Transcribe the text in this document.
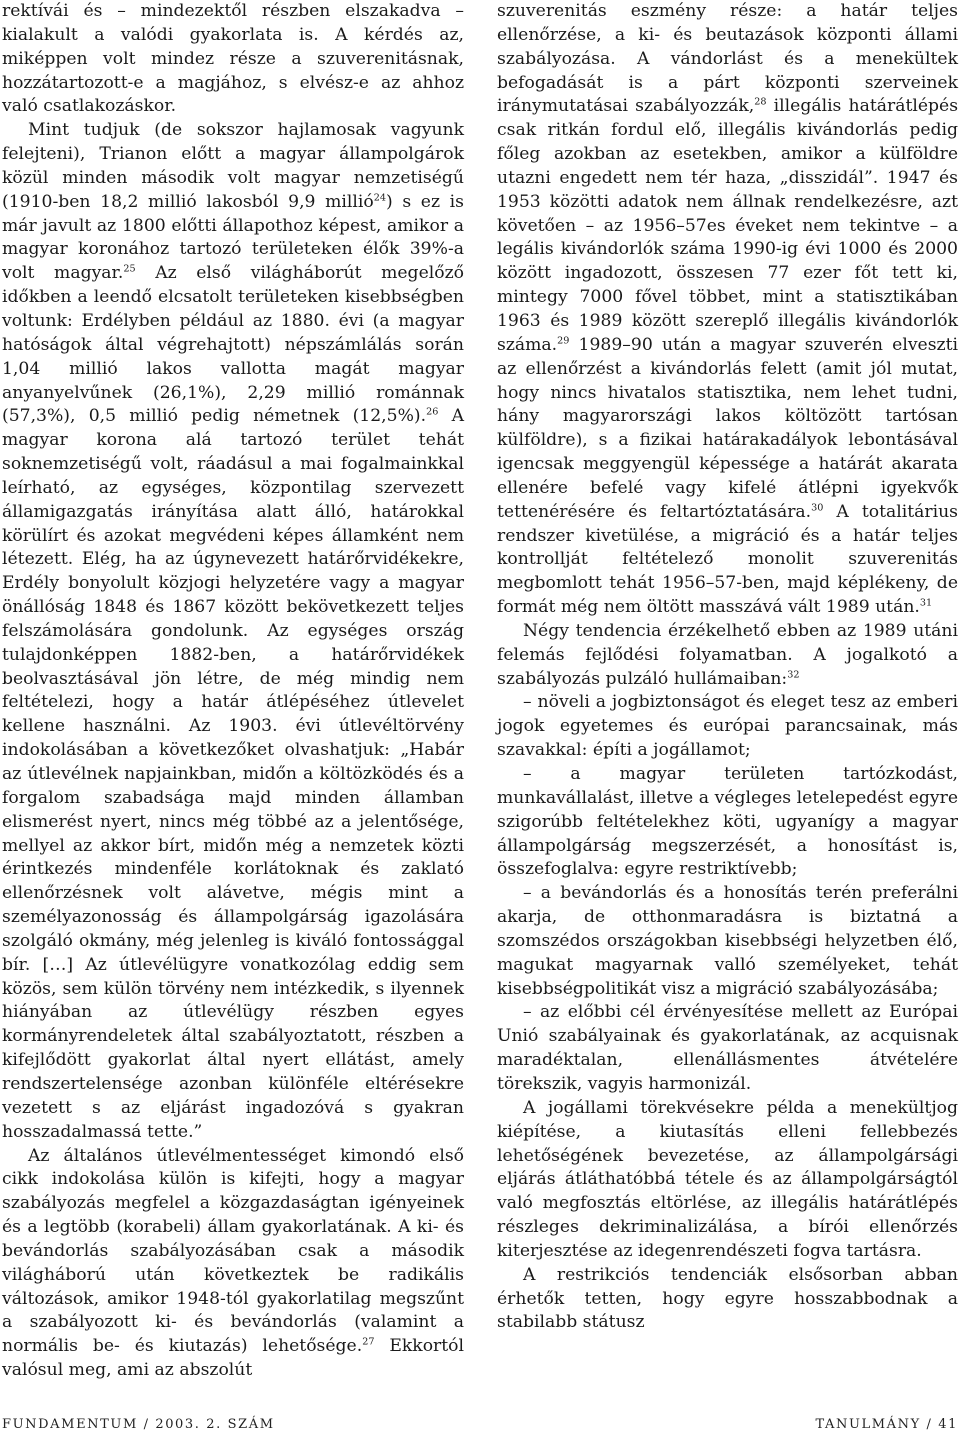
rektívái és – mindezektől részben elszakadva – kialakult a valódi gyakorlata is. A kérdés az, miképpen volt mindez része a szuverenitásnak, hozzátartozott-e a magjához, s elvész-e az ahhoz való csatlakozáskor.

Mint tudjuk (de sokszor hajlamosak vagyunk felejteni), Trianon előtt a magyar állampolgárok közül minden második volt magyar nemzetiségű (1910-ben 18,2 millió lakosból 9,9 millió$^{24}$) s ez is már javult az 1800 előtti állapothoz képest, amikor a magyar koronához tartozó területeken élők 39%-a volt magyar.$^{25}$ Az első világháborút megelőző időkben a leendő elcsatolt területeken kisebbségben voltunk: Erdélyben például az 1880. évi (a magyar hatóságok által végrehajtott) népszámlálás során 1,04 millió lakos vallotta magát magyar anyanyelvűnek (26,1%), 2,29 millió románnak (57,3%), 0,5 millió pedig németnek (12,5%).$^{26}$ A magyar korona alá tartozó terület tehát soknemzetiségű volt, ráadásul a mai fogalmainkkal leírható, az egységes, központilag szervezett államigazgatás irányítása alatt álló, határokkal körülírt és azokat megvédeni képes államként nem létezett. Elég, ha az úgynevezett határőrvidékekre, Erdély bonyolult közjogi helyzetére vagy a magyar önállóság 1848 és 1867 között bekövetkezett teljes felszámolására gondolunk. Az egységes ország tulajdonképpen 1882-ben, a határőrvidékek beolvasztásával jön létre, de még mindig nem feltételezi, hogy a határ átlépéséhez útlevelet kellene használni. Az 1903. évi útlevéltörvény indokolásában a következőket olvashatjuk: „Habár az útlevélnek napjainkban, midőn a költözködés és a forgalom szabadsága majd minden államban elismerést nyert, nincs még többé az a jelentősége, mellyel az akkor bírt, midőn még a nemzetek közti érintkezés mindenféle korlátoknak és zaklató ellenőrzésnek volt alávetve, mégis mint a személyazonosság és állampolgárság igazolására szolgáló okmány, még jelenleg is kiváló fontossággal bír. […] Az útlevélügyre vonatkozólag eddig sem közös, sem külön törvény nem intézkedik, s ilyennek hiányában az útlevélügy részben egyes kormányrendeletek által szabályoztatott, részben a kifejlődött gyakorlat által nyert ellátást, amely rendszertelensége azonban különféle eltérésekre vezetett s az eljárást ingadozóvá s gyakran hosszadalmassá tette.”

Az általános útlevélmentességet kimondó első cikk indokolása külön is kifejti, hogy a magyar szabályozás megfelel a közgazdaságtan igényeinek és a legtöbb (korabeli) állam gyakorlatának. A ki- és bevándorlás szabályozásában csak a második világháború után következtek be radikális változások, amikor 1948-tól gyakorlatilag megszűnt a szabályozott ki- és bevándorlás (valamint a normális be- és kiutazás) lehetősége.$^{27}$ Ekkortól valósul meg, ami az abszolút

szuverenitás eszmény része: a határ teljes ellenőrzése, a ki- és beutazások központi állami szabályozása. A vándorlást és a menekültek befogadását is a párt központi szerveinek iránymutatásai szabályozzák,$^{28}$ illegális határátlépés csak ritkán fordul elő, illegális kivándorlás pedig főleg azokban az esetekben, amikor a külföldre utazni engedett nem tér haza, „disszidál”. 1947 és 1953 közötti adatok nem állnak rendelkezésre, azt követően – az 1956–57es éveket nem tekintve – a legális kivándorlók száma 1990-ig évi 1000 és 2000 között ingadozott, összesen 77 ezer főt tett ki, mintegy 7000 fővel többet, mint a statisztikában 1963 és 1989 között szereplő illegális kivándorlók száma.$^{29}$ 1989–90 után a magyar szuverén elveszti az ellenőrzést a kivándorlás felett (amit jól mutat, hogy nincs hivatalos statisztika, nem lehet tudni, hány magyarországi lakos költözött tartósan külföldre), s a fizikai határakadályok lebontásával igencsak meggyengül képessége a határát akarata ellenére befelé vagy kifelé átlépni igyekvők tettenérésére és feltartóztatására.$^{30}$ A totalitárius rendszer kivetülése, a migráció és a határ teljes kontrollját feltételező monolit szuverenitás megbomlott tehát 1956–57-ben, majd képlékeny, de formát még nem öltött masszává vált 1989 után.$^{31}$

Négy tendencia érzékelhető ebben az 1989 utáni felemás fejlődési folyamatban. A jogalkotó a szabályozás pulzáló hullámaiban:$^{32}$

– növeli a jogbiztonságot és eleget tesz az emberi jogok egyetemes és európai parancsainak, más szavakkal: építi a jogállamot;

– a magyar területen tartózkodást, munkavállalást, illetve a végleges letelepedést egyre szigorúbb feltételekhez köti, ugyanígy a magyar állampolgárság megszerzését, a honosítást is, összefoglalva: egyre restriktívebb;

– a bevándorlás és a honosítás terén preferálni akarja, de otthonmaradásra is biztatná a szomszédos országokban kisebbségi helyzetben élő, magukat magyarnak valló személyeket, tehát kisebbségpolitikát visz a migráció szabályozásába;

– az előbbi cél érvényesítése mellett az Európai Unió szabályainak és gyakorlatának, az acquisnak maradéktalan, ellenállásmentes átvételére törekszik, vagyis harmonizál.

A jogállami törekvésekre példa a menekültjog kiépítése, a kiutasítás elleni fellebbezés lehetőségének bevezetése, az állampolgársági eljárás átláthatóbbá tétele és az állampolgárságtól való megfosztás eltörlése, az illegális határátlépés részleges dekriminalizálása, a bírói ellenőrzés kiterjesztése az idegenrendészeti fogva tartásra.

A restrikciós tendenciák elsősorban abban érhetők tetten, hogy egyre hosszabbodnak a stabilabb státusz

FUNDAMENTUM / 2003. 2. SZÁM	TANULMÁNY / 41
